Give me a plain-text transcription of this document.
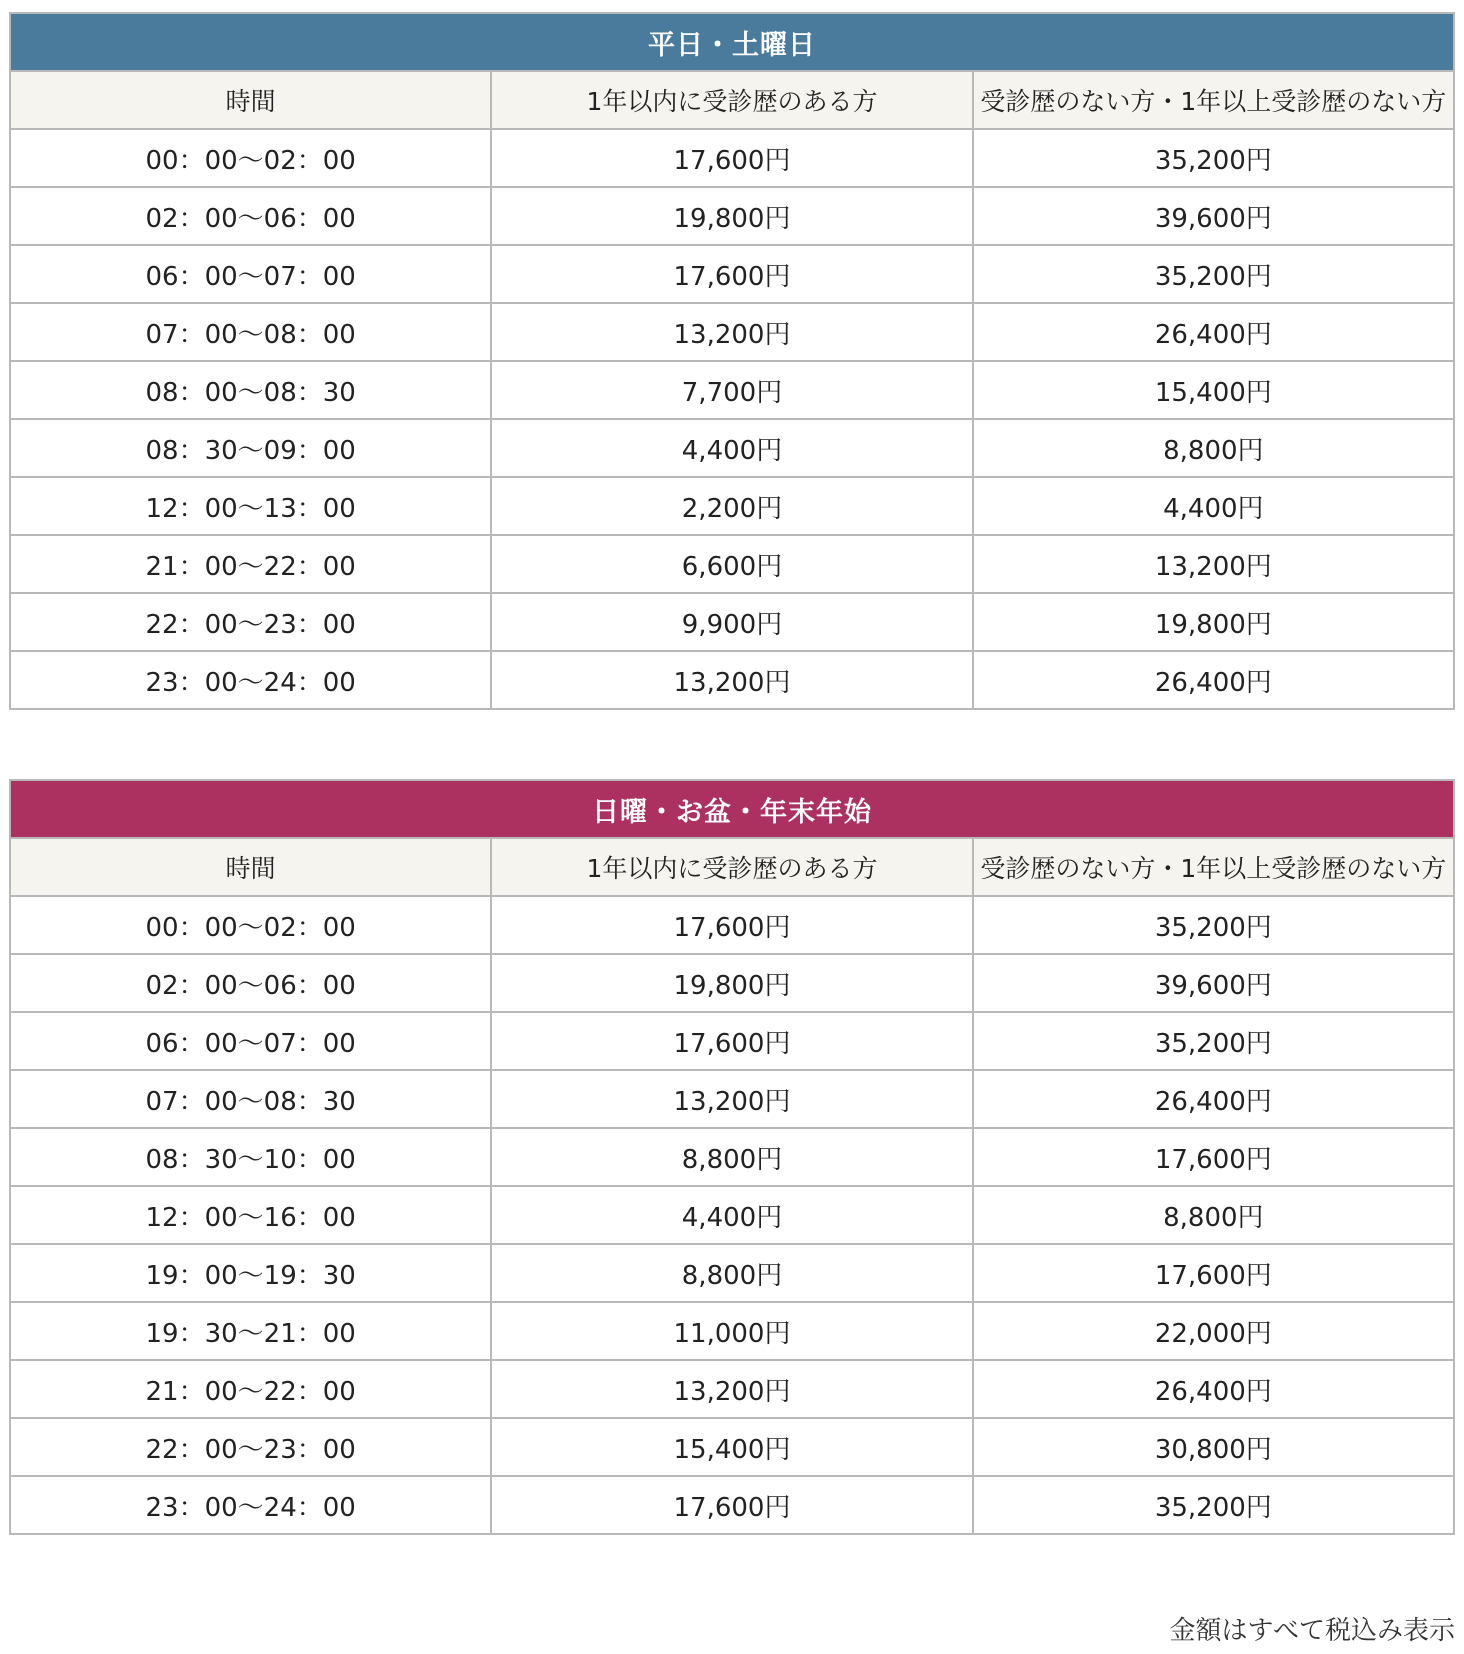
平日・土曜日		
時間	1年以内に受診歴のある方	受診歴のない方・1年以上受診歴のない方
00：00～02：00	17,600円	35,200円
02：00～06：00	19,800円	39,600円
06：00～07：00	17,600円	35,200円
07：00～08：00	13,200円	26,400円
08：00～08：30	7,700円	15,400円
08：30～09：00	4,400円	8,800円
12：00～13：00	2,200円	4,400円
21：00～22：00	6,600円	13,200円
22：00～23：00	9,900円	19,800円
23：00～24：00	13,200円	26,400円
日曜・お盆・年末年始		
時間	1年以内に受診歴のある方	受診歴のない方・1年以上受診歴のない方
00：00～02：00	17,600円	35,200円
02：00～06：00	19,800円	39,600円
06：00～07：00	17,600円	35,200円
07：00～08：30	13,200円	26,400円
08：30～10：00	8,800円	17,600円
12：00～16：00	4,400円	8,800円
19：00～19：30	8,800円	17,600円
19：30～21：00	11,000円	22,000円
21：00～22：00	13,200円	26,400円
22：00～23：00	15,400円	30,800円
23：00～24：00	17,600円	35,200円
金額はすべて税込み表示
